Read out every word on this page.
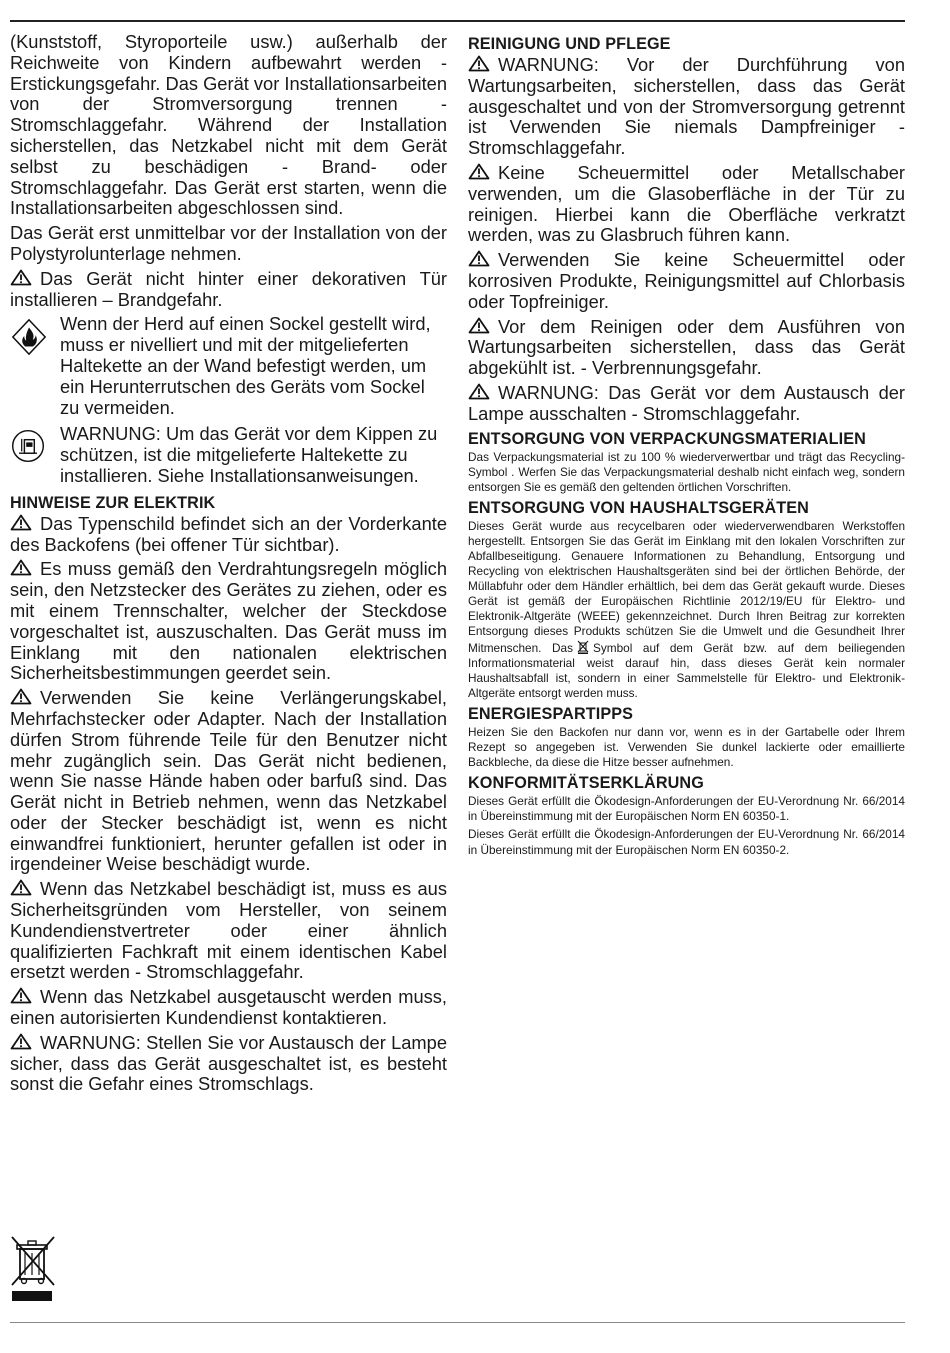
(Kunststoff, Styroporteile usw.) außerhalb der Reichweite von Kindern aufbewahrt werden - Erstickungsgefahr. Das Gerät vor Installationsarbeiten von der Stromversorgung trennen - Stromschlaggefahr. Während der Installation sicherstellen, das Netzkabel nicht mit dem Gerät selbst zu beschädigen - Brand- oder Stromschlaggefahr. Das Gerät erst starten, wenn die Installationsarbeiten abgeschlossen sind.

Das Gerät erst unmittelbar vor der Installation von der Polystyrolunterlage nehmen.

Das Gerät nicht hinter einer dekorativen Tür installieren – Brandgefahr.

Wenn der Herd auf einen Sockel gestellt wird, muss er nivelliert und mit der mitgelieferten Haltekette an der Wand befestigt werden, um ein Herunterrutschen des Geräts vom Sockel zu vermeiden.

WARNUNG: Um das Gerät vor dem Kippen zu schützen, ist die mitgelieferte Haltekette zu installieren. Siehe Installationsanweisungen.

HINWEISE ZUR ELEKTRIK

Das Typenschild befindet sich an der Vorderkante des Backofens (bei offener Tür sichtbar).

Es muss gemäß den Verdrahtungsregeln möglich sein, den Netzstecker des Gerätes zu ziehen, oder es mit einem Trennschalter, welcher der Steckdose vorgeschaltet ist, auszuschalten. Das Gerät muss im Einklang mit den nationalen elektrischen Sicherheitsbestimmungen geerdet sein.

Verwenden Sie keine Verlängerungskabel, Mehrfachstecker oder Adapter. Nach der Installation dürfen Strom führende Teile für den Benutzer nicht mehr zugänglich sein. Das Gerät nicht bedienen, wenn Sie nasse Hände haben oder barfuß sind. Das Gerät nicht in Betrieb nehmen, wenn das Netzkabel oder der Stecker beschädigt ist, wenn es nicht einwandfrei funktioniert, herunter gefallen ist oder in irgendeiner Weise beschädigt wurde.

Wenn das Netzkabel beschädigt ist, muss es aus Sicherheitsgründen vom Hersteller, von seinem Kundendienstvertreter oder einer ähnlich qualifizierten Fachkraft mit einem identischen Kabel ersetzt werden - Stromschlaggefahr.

Wenn das Netzkabel ausgetauscht werden muss, einen autorisierten Kundendienst kontaktieren.

WARNUNG: Stellen Sie vor Austausch der Lampe sicher, dass das Gerät ausgeschaltet ist, es besteht sonst die Gefahr eines Stromschlags.

REINIGUNG UND PFLEGE

WARNUNG: Vor der Durchführung von Wartungsarbeiten, sicherstellen, dass das Gerät ausgeschaltet und von der Stromversorgung getrennt ist Verwenden Sie niemals Dampfreiniger - Stromschlaggefahr.

Keine Scheuermittel oder Metallschaber verwenden, um die Glasoberfläche in der Tür zu reinigen. Hierbei kann die Oberfläche verkratzt werden, was zu Glasbruch führen kann.

Verwenden Sie keine Scheuermittel oder korrosiven Produkte, Reinigungsmittel auf Chlorbasis oder Topfreiniger.

Vor dem Reinigen oder dem Ausführen von Wartungsarbeiten sicherstellen, dass das Gerät abgekühlt ist. - Verbrennungsgefahr.

WARNUNG: Das Gerät vor dem Austausch der Lampe ausschalten - Stromschlaggefahr.

ENTSORGUNG VON VERPACKUNGSMATERIALIEN

Das Verpackungsmaterial ist zu 100 % wiederverwertbar und trägt das Recycling-Symbol . Werfen Sie das Verpackungsmaterial deshalb nicht einfach weg, sondern entsorgen Sie es gemäß den geltenden örtlichen Vorschriften.

ENTSORGUNG VON HAUSHALTSGERÄTEN

Dieses Gerät wurde aus recycelbaren oder wiederverwendbaren Werkstoffen hergestellt. Entsorgen Sie das Gerät im Einklang mit den lokalen Vorschriften zur Abfallbeseitigung. Genauere Informationen zu Behandlung, Entsorgung und Recycling von elektrischen Haushaltsgeräten sind bei der örtlichen Behörde, der Müllabfuhr oder dem Händler erhältlich, bei dem das Gerät gekauft wurde. Dieses Gerät ist gemäß der Europäischen Richtlinie 2012/19/EU für Elektro- und Elektronik-Altgeräte (WEEE) gekennzeichnet. Durch Ihren Beitrag zur korrekten Entsorgung dieses Produkts schützen Sie die Umwelt und die Gesundheit Ihrer Mitmenschen. Das Symbol auf dem Gerät bzw. auf dem beiliegenden Informationsmaterial weist darauf hin, dass dieses Gerät kein normaler Haushaltsabfall ist, sondern in einer Sammelstelle für Elektro- und Elektronik-Altgeräte entsorgt werden muss.

ENERGIESPARTIPPS

Heizen Sie den Backofen nur dann vor, wenn es in der Gartabelle oder Ihrem Rezept so angegeben ist. Verwenden Sie dunkel lackierte oder emaillierte Backbleche, da diese die Hitze besser aufnehmen.

KONFORMITÄTSERKLÄRUNG

Dieses Gerät erfüllt die Ökodesign-Anforderungen der EU-Verordnung Nr. 66/2014 in Übereinstimmung mit der Europäischen Norm EN 60350-1.

Dieses Gerät erfüllt die Ökodesign-Anforderungen der EU-Verordnung Nr. 66/2014 in Übereinstimmung mit der Europäischen Norm EN 60350-2.
